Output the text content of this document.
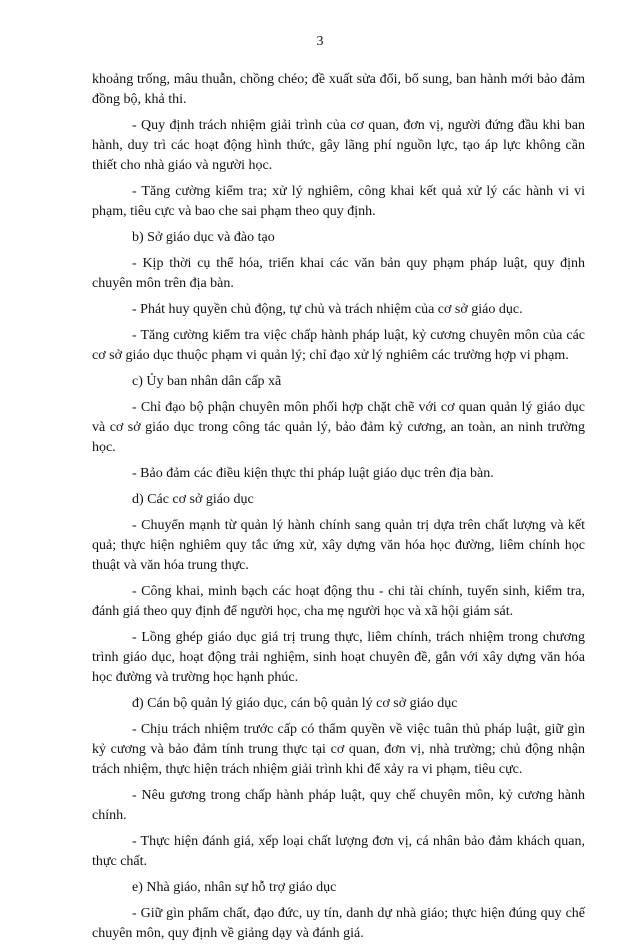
3

khoảng trống, mâu thuẫn, chồng chéo; đề xuất sửa đổi, bổ sung, ban hành mới bảo đảm đồng bộ, khả thi.

- Quy định trách nhiệm giải trình của cơ quan, đơn vị, người đứng đầu khi ban hành, duy trì các hoạt động hình thức, gây lãng phí nguồn lực, tạo áp lực không cần thiết cho nhà giáo và người học.

- Tăng cường kiểm tra; xử lý nghiêm, công khai kết quả xử lý các hành vi vi phạm, tiêu cực và bao che sai phạm theo quy định.

b) Sở giáo dục và đào tạo

- Kịp thời cụ thể hóa, triển khai các văn bản quy phạm pháp luật, quy định chuyên môn trên địa bàn.

- Phát huy quyền chủ động, tự chủ và trách nhiệm của cơ sở giáo dục.

- Tăng cường kiểm tra việc chấp hành pháp luật, kỷ cương chuyên môn của các cơ sở giáo dục thuộc phạm vi quản lý; chỉ đạo xử lý nghiêm các trường hợp vi phạm.

c) Ủy ban nhân dân cấp xã

- Chỉ đạo bộ phận chuyên môn phối hợp chặt chẽ với cơ quan quản lý giáo dục và cơ sở giáo dục trong công tác quản lý, bảo đảm kỷ cương, an toàn, an ninh trường học.

- Bảo đảm các điều kiện thực thi pháp luật giáo dục trên địa bàn.

d) Các cơ sở giáo dục

- Chuyển mạnh từ quản lý hành chính sang quản trị dựa trên chất lượng và kết quả; thực hiện nghiêm quy tắc ứng xử, xây dựng văn hóa học đường, liêm chính học thuật và văn hóa trung thực.

- Công khai, minh bạch các hoạt động thu - chi tài chính, tuyển sinh, kiểm tra, đánh giá theo quy định để người học, cha mẹ người học và xã hội giám sát.

- Lồng ghép giáo dục giá trị trung thực, liêm chính, trách nhiệm trong chương trình giáo dục, hoạt động trải nghiệm, sinh hoạt chuyên đề, gắn với xây dựng văn hóa học đường và trường học hạnh phúc.

đ) Cán bộ quản lý giáo dục, cán bộ quản lý cơ sở giáo dục

- Chịu trách nhiệm trước cấp có thẩm quyền về việc tuân thủ pháp luật, giữ gìn kỷ cương và bảo đảm tính trung thực tại cơ quan, đơn vị, nhà trường; chủ động nhận trách nhiệm, thực hiện trách nhiệm giải trình khi để xảy ra vi phạm, tiêu cực.

- Nêu gương trong chấp hành pháp luật, quy chế chuyên môn, kỷ cương hành chính.

- Thực hiện đánh giá, xếp loại chất lượng đơn vị, cá nhân bảo đảm khách quan, thực chất.

e) Nhà giáo, nhân sự hỗ trợ giáo dục

- Giữ gìn phẩm chất, đạo đức, uy tín, danh dự nhà giáo; thực hiện đúng quy chế chuyên môn, quy định về giảng dạy và đánh giá.
